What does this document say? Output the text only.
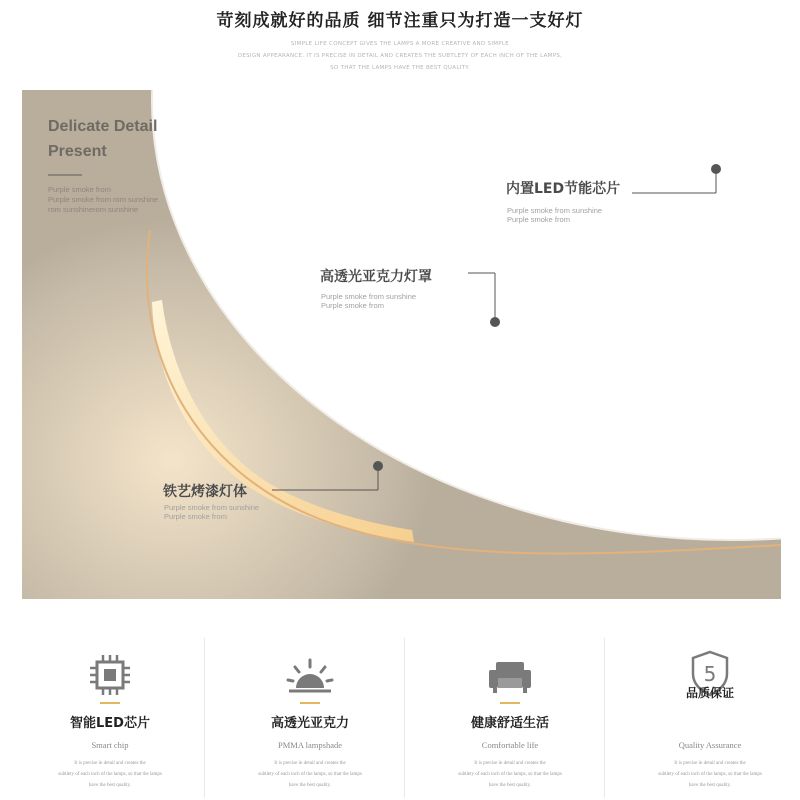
苛刻成就好的品质 细节注重只为打造一支好灯
SIMPLE LIFE CONCEPT GIVES THE LAMPS A MORE CREATIVE AND SIMPLE
DESIGN APPEARANCE. IT IS PRECISE IN DETAIL AND CREATES THE SUBTLETY OF EACH INCH OF THE LAMPS,
SO THAT THE LAMPS HAVE THE BEST QUALITY.
Delicate Detail
Present
Purple smoke from
Purple smoke from rom sunshine
rom sunshinerom sunshine
内置LED节能芯片
Purple smoke from sunshine
Purple smoke from
高透光亚克力灯罩
Purple smoke from sunshine
Purple smoke from
铁艺烤漆灯体
Purple smoke from sunshine
Purple smoke from
智能LED芯片
Smart chip
It is precise in detail and creates the
subtlety of each inch of the lamps, so that the lamps
have the best quality.
高透光亚克力
PMMA lampshade
It is precise in detail and creates the
subtlety of each inch of the lamps, so that the lamps
have the best quality.
健康舒适生活
Comfortable life
It is precise in detail and creates the
subtlety of each inch of the lamps, so that the lamps
have the best quality.
5
品质保证
Quality Assurance
It is precise in detail and creates the
subtlety of each inch of the lamps, so that the lamps
have the best quality.
